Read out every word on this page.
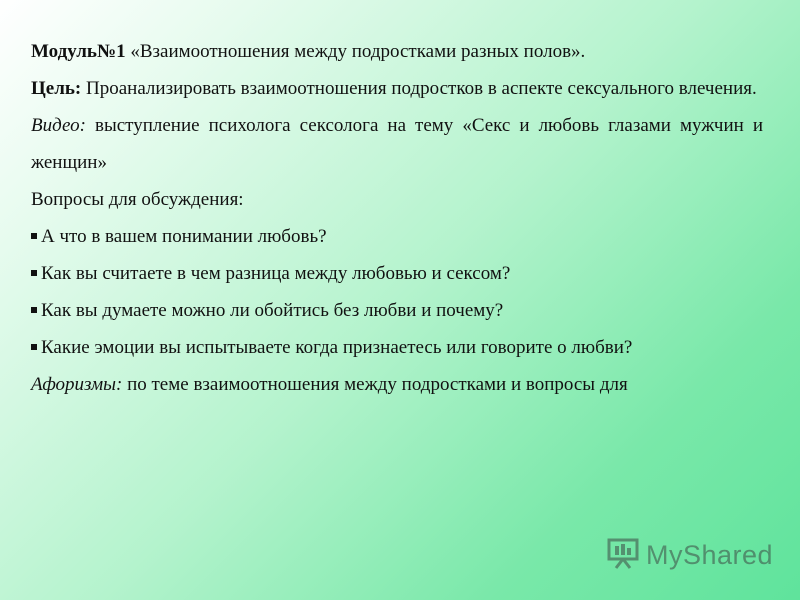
Модуль№1 «Взаимоотношения между подростками разных полов».

Цель: Проанализировать взаимоотношения подростков в аспекте сексуального влечения.

Видео: выступление психолога сексолога на тему «Секс и любовь глазами мужчин и женщин»

Вопросы для обсуждения:

А что в вашем понимании любовь?
Как вы считаете в чем разница между любовью и сексом?
Как вы думаете можно ли обойтись без любви и почему?
Какие эмоции вы испытываете когда признаетесь или говорите о любви?

Афоризмы: по теме взаимоотношения между подростками и вопросы для

MyShared
